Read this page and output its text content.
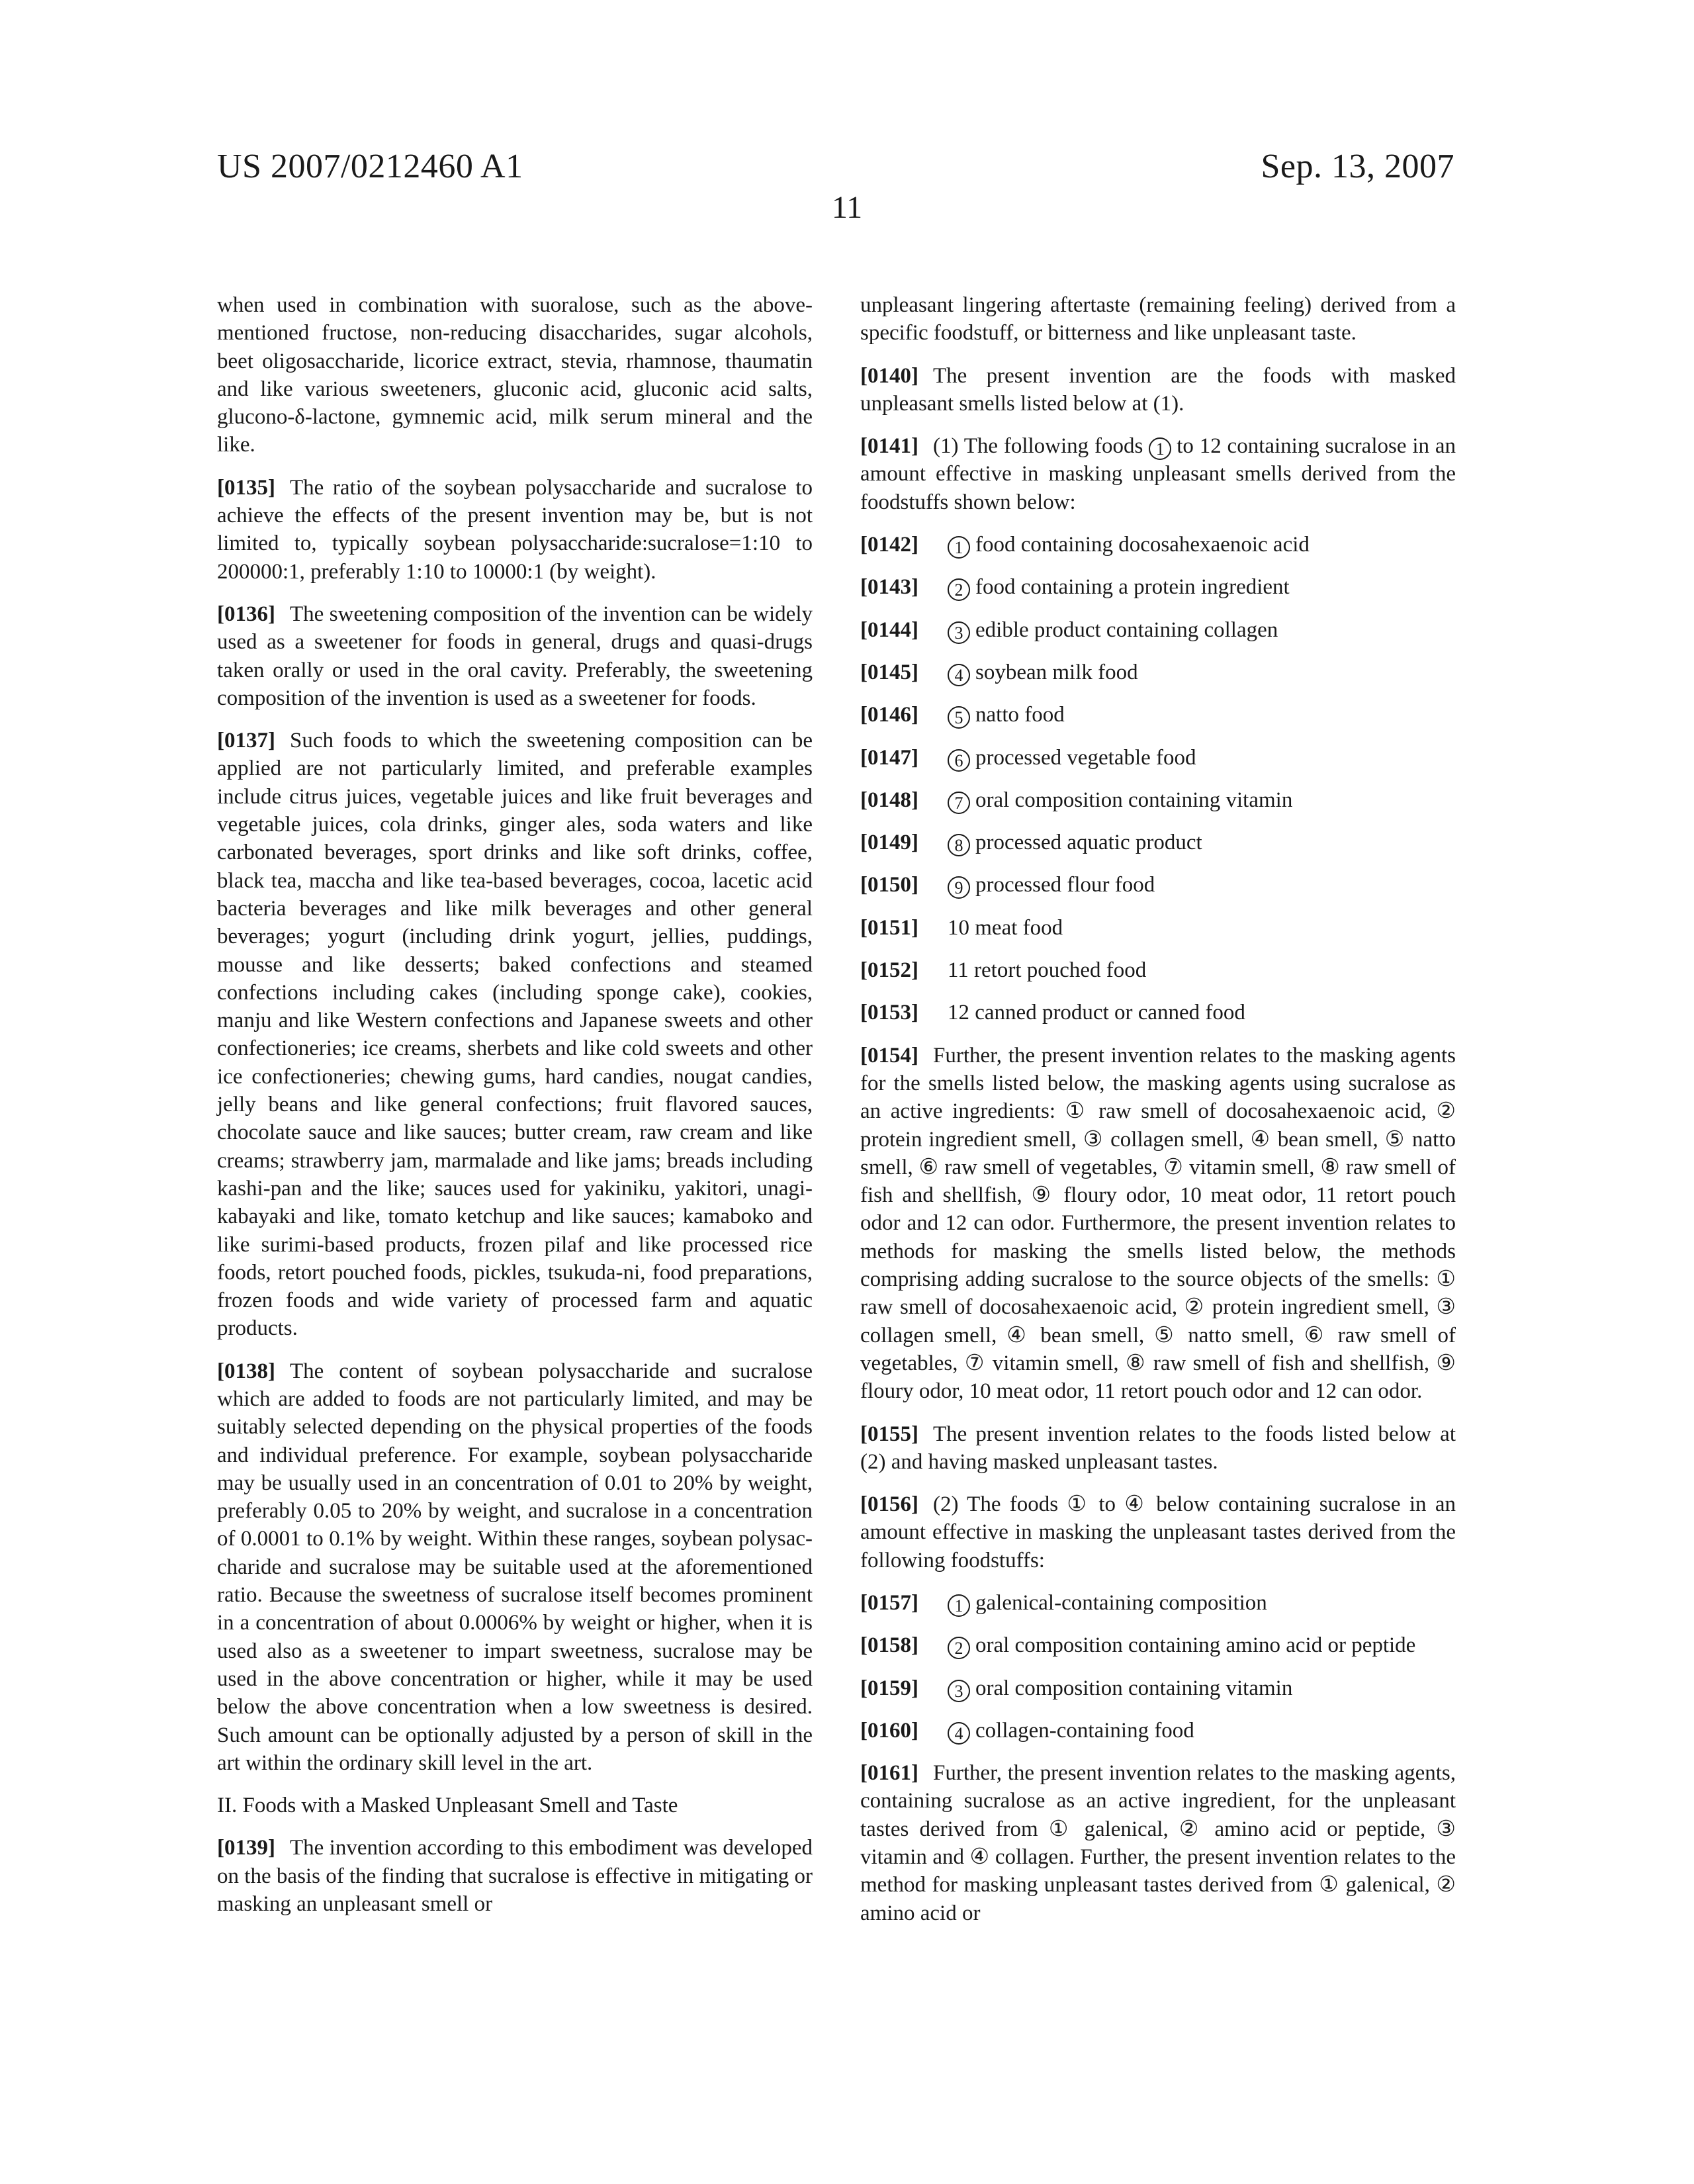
US 2007/0212460 A1	Sep. 13, 2007
11

when used in combination with suoralose, such as the above-mentioned fructose, non-reducing disaccharides, sugar alcohols, beet oligosaccharide, licorice extract, stevia, rhamnose, thaumatin and like various sweeteners, gluconic acid, gluconic acid salts, glucono-δ-lactone, gymnemic acid, milk serum mineral and the like.

[0135] The ratio of the soybean polysaccharide and sucralose to achieve the effects of the present invention may be, but is not limited to, typically soybean polysaccharide:sucralose=1:10 to 200000:1, preferably 1:10 to 10000:1 (by weight).

[0136] The sweetening composition of the invention can be widely used as a sweetener for foods in general, drugs and quasi-drugs taken orally or used in the oral cavity. Preferably, the sweetening composition of the invention is used as a sweetener for foods.

[0137] Such foods to which the sweetening composition can be applied are not particularly limited, and preferable examples include citrus juices, vegetable juices and like fruit beverages and vegetable juices, cola drinks, ginger ales, soda waters and like carbonated beverages, sport drinks and like soft drinks, coffee, black tea, maccha and like tea-based beverages, cocoa, lacetic acid bacteria beverages and like milk beverages and other general beverages; yogurt (including drink yogurt, jellies, puddings, mousse and like desserts; baked confections and steamed confections including cakes (including sponge cake), cookies, manju and like Western confections and Japanese sweets and other confectioneries; ice creams, sherbets and like cold sweets and other ice confectioneries; chewing gums, hard candies, nougat candies, jelly beans and like general confections; fruit flavored sauces, chocolate sauce and like sauces; butter cream, raw cream and like creams; strawberry jam, marmalade and like jams; breads including kashi-pan and the like; sauces used for yakiniku, yakitori, unagi-kabayaki and like, tomato ketchup and like sauces; kamaboko and like surimi-based products, frozen pilaf and like processed rice foods, retort pouched foods, pickles, tsukuda-ni, food preparations, frozen foods and wide variety of processed farm and aquatic products.

[0138] The content of soybean polysaccharide and sucralose which are added to foods are not particularly limited, and may be suitably selected depending on the physical properties of the foods and individual preference. For example, soybean polysaccharide may be usually used in an concentration of 0.01 to 20% by weight, preferably 0.05 to 20% by weight, and sucralose in a concentration of 0.0001 to 0.1% by weight. Within these ranges, soybean polysaccharide and sucralose may be suitable used at the aforementioned ratio. Because the sweetness of sucralose itself becomes prominent in a concentration of about 0.0006% by weight or higher, when it is used also as a sweetener to impart sweetness, sucralose may be used in the above concentration or higher, while it may be used below the above concentration when a low sweetness is desired. Such amount can be optionally adjusted by a person of skill in the art within the ordinary skill level in the art.

II. Foods with a Masked Unpleasant Smell and Taste

[0139] The invention according to this embodiment was developed on the basis of the finding that sucralose is effective in mitigating or masking an unpleasant smell or

unpleasant lingering aftertaste (remaining feeling) derived from a specific foodstuff, or bitterness and like unpleasant taste.

[0140] The present invention are the foods with masked unpleasant smells listed below at (1).

[0141] (1) The following foods 1 to 12 containing sucralose in an amount effective in masking unpleasant smells derived from the foodstuffs shown below:

[0142] 1 food containing docosahexaenoic acid

[0143] 2 food containing a protein ingredient

[0144] 3 edible product containing collagen

[0145] 4 soybean milk food

[0146] 5 natto food

[0147] 6 processed vegetable food

[0148] 7 oral composition containing vitamin

[0149] 8 processed aquatic product

[0150] 9 processed flour food

[0151] 10 meat food

[0152] 11 retort pouched food

[0153] 12 canned product or canned food

[0154] Further, the present invention relates to the masking agents for the smells listed below, the masking agents using sucralose as an active ingredients: ① raw smell of docosahexaenoic acid, ② protein ingredient smell, ③ collagen smell, ④ bean smell, ⑤ natto smell, ⑥ raw smell of vegetables, ⑦ vitamin smell, ⑧ raw smell of fish and shellfish, ⑨ floury odor, 10 meat odor, 11 retort pouch odor and 12 can odor. Furthermore, the present invention relates to methods for masking the smells listed below, the methods comprising adding sucralose to the source objects of the smells: ① raw smell of docosahexaenoic acid, ② protein ingredient smell, ③ collagen smell, ④ bean smell, ⑤ natto smell, ⑥ raw smell of vegetables, ⑦ vitamin smell, ⑧ raw smell of fish and shellfish, ⑨ floury odor, 10 meat odor, 11 retort pouch odor and 12 can odor.

[0155] The present invention relates to the foods listed below at (2) and having masked unpleasant tastes.

[0156] (2) The foods ① to ④ below containing sucralose in an amount effective in masking the unpleasant tastes derived from the following foodstuffs:

[0157] 1 galenical-containing composition

[0158] 2 oral composition containing amino acid or peptide

[0159] 3 oral composition containing vitamin

[0160] 4 collagen-containing food

[0161] Further, the present invention relates to the masking agents, containing sucralose as an active ingredient, for the unpleasant tastes derived from ① galenical, ② amino acid or peptide, ③ vitamin and ④ collagen. Further, the present invention relates to the method for masking unpleasant tastes derived from ① galenical, ② amino acid or
